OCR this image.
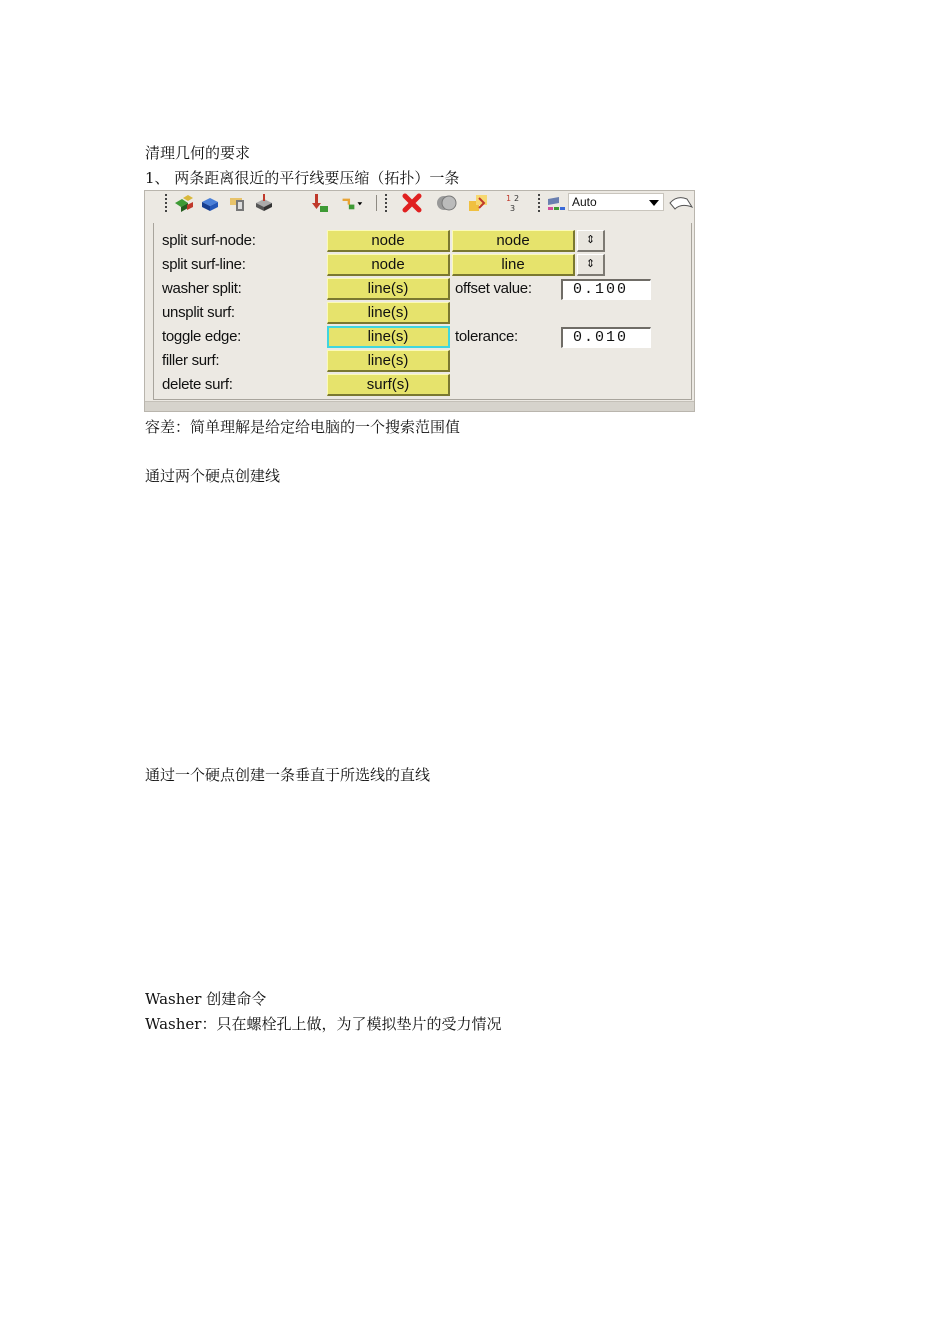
清理几何的要求
1、 两条距离很近的平行线要压缩（拓扑）一条
1 2
3	Auto
split surf-node:	node	node	⇕
split surf-line:	node	line	⇕
washer split:	line(s)	offset value:	0.100
unsplit surf:	line(s)
toggle edge:	line(s)	tolerance:	0.010
filler surf:	line(s)
delete surf:	surf(s)
容差：简单理解是给定给电脑的一个搜索范围值
通过两个硬点创建线
通过一个硬点创建一条垂直于所选线的直线
Washer 创建命令
Washer：只在螺栓孔上做，为了模拟垫片的受力情况
